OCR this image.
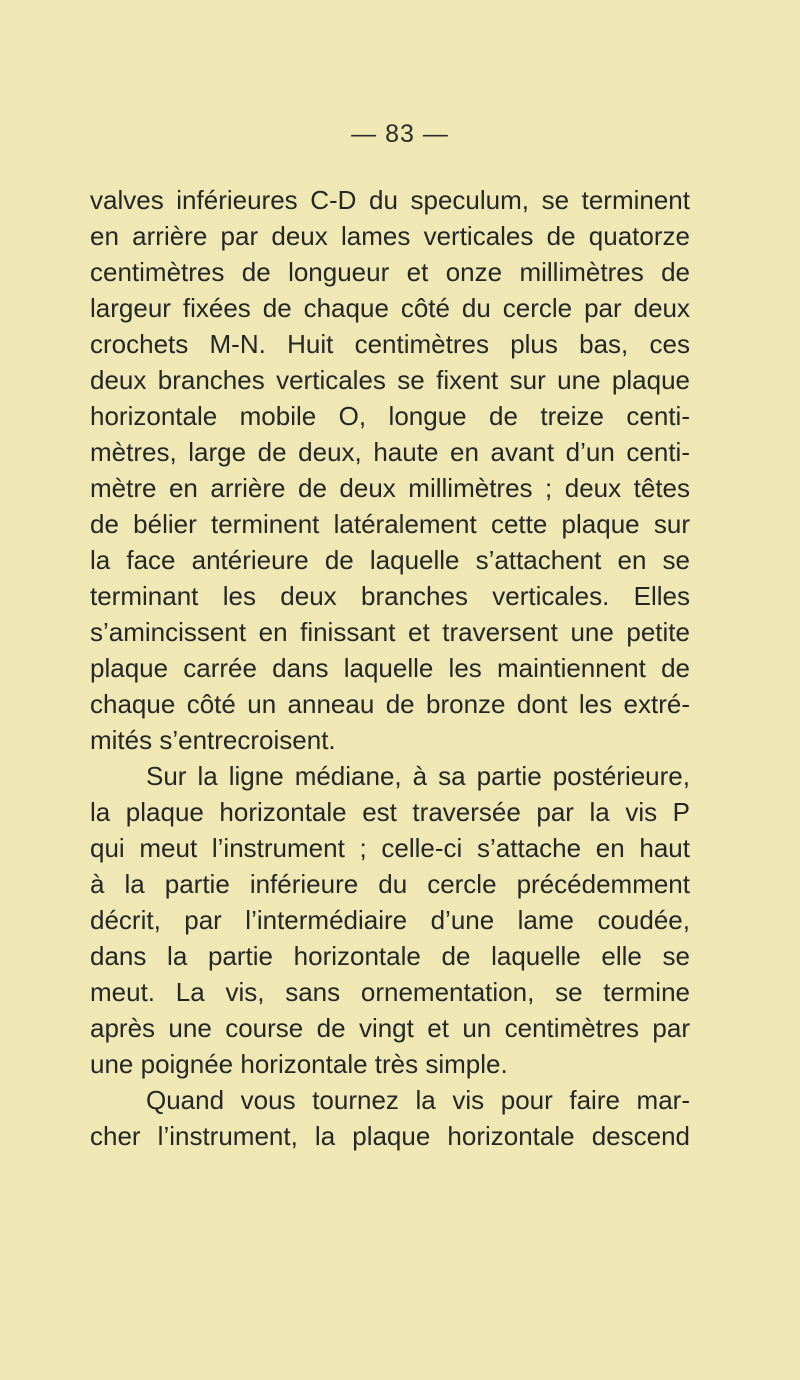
— 83 —
valves inférieures C-D du speculum, se terminent
en arrière par deux lames verticales de quatorze
centimètres de longueur et onze millimètres de
largeur fixées de chaque côté du cercle par deux
crochets M-N. Huit centimètres plus bas, ces
deux branches verticales se fixent sur une plaque
horizontale mobile O, longue de treize centi-
mètres, large de deux, haute en avant d’un centi-
mètre en arrière de deux millimètres ; deux têtes
de bélier terminent latéralement cette plaque sur
la face antérieure de laquelle s’attachent en se
terminant les deux branches verticales. Elles
s’amincissent en finissant et traversent une petite
plaque carrée dans laquelle les maintiennent de
chaque côté un anneau de bronze dont les extré-
mités s’entrecroisent.
Sur la ligne médiane, à sa partie postérieure,
la plaque horizontale est traversée par la vis P
qui meut l’instrument ; celle-ci s’attache en haut
à la partie inférieure du cercle précédemment
décrit, par l’intermédiaire d’une lame coudée,
dans la partie horizontale de laquelle elle se
meut. La vis, sans ornementation, se termine
après une course de vingt et un centimètres par
une poignée horizontale très simple.
Quand vous tournez la vis pour faire mar-
cher l’instrument, la plaque horizontale descend
